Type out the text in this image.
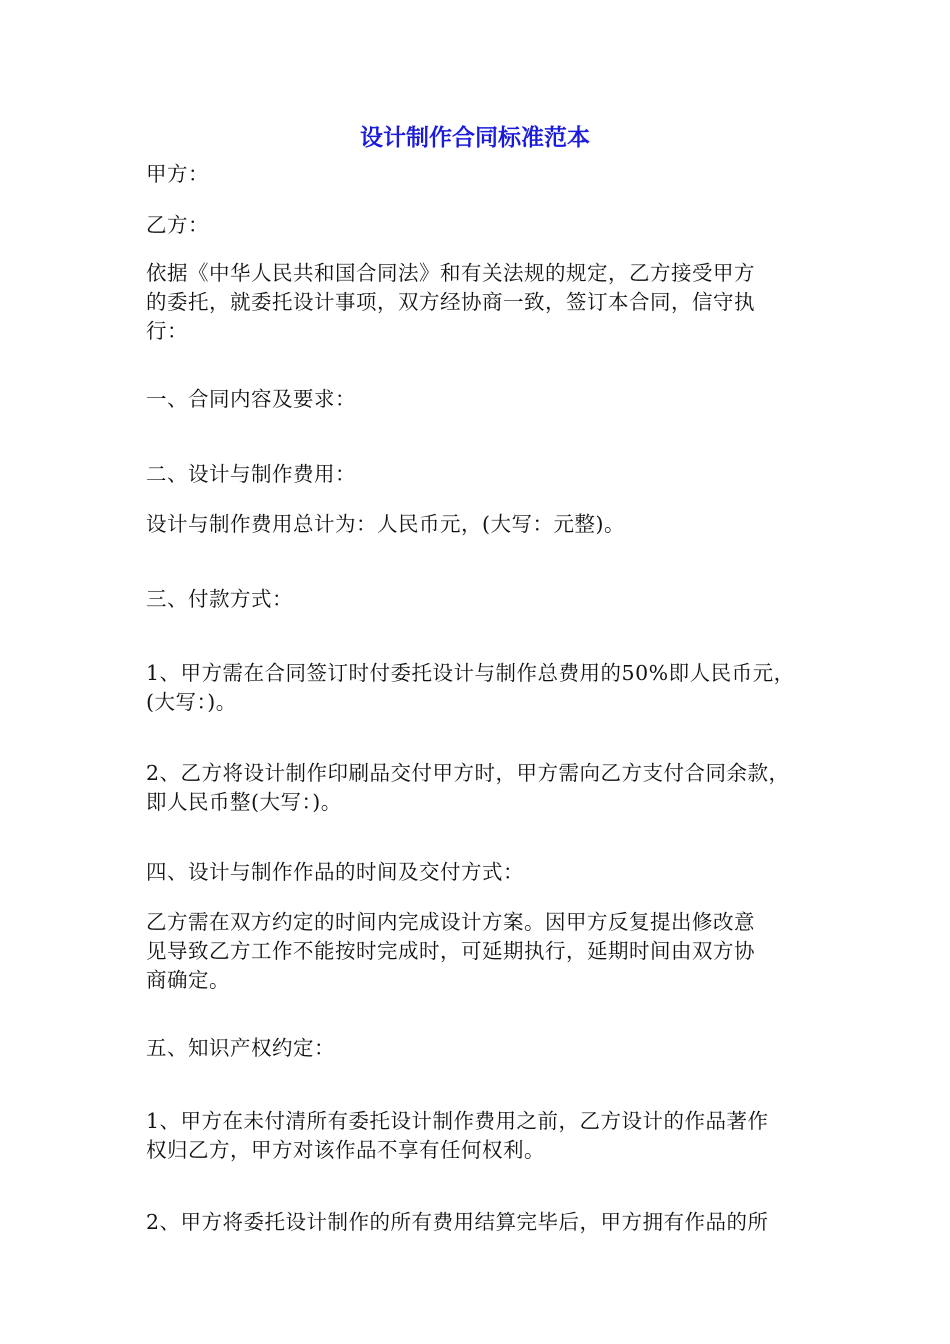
设计制作合同标准范本

甲方：

乙方：

依据《中华人民共和国合同法》和有关法规的规定，乙方接受甲方
的委托，就委托设计事项，双方经协商一致，签订本合同，信守执
行：

一、合同内容及要求：

二、设计与制作费用：

设计与制作费用总计为：人民币元，(大写：元整)。

三、付款方式：

1、甲方需在合同签订时付委托设计与制作总费用的50%即人民币元，
(大写：)。

2、乙方将设计制作印刷品交付甲方时，甲方需向乙方支付合同余款，
即人民币整(大写：)。

四、设计与制作作品的时间及交付方式：

乙方需在双方约定的时间内完成设计方案。因甲方反复提出修改意
见导致乙方工作不能按时完成时，可延期执行，延期时间由双方协
商确定。

五、知识产权约定：

1、甲方在未付清所有委托设计制作费用之前，乙方设计的作品著作
权归乙方，甲方对该作品不享有任何权利。

2、甲方将委托设计制作的所有费用结算完毕后，甲方拥有作品的所
